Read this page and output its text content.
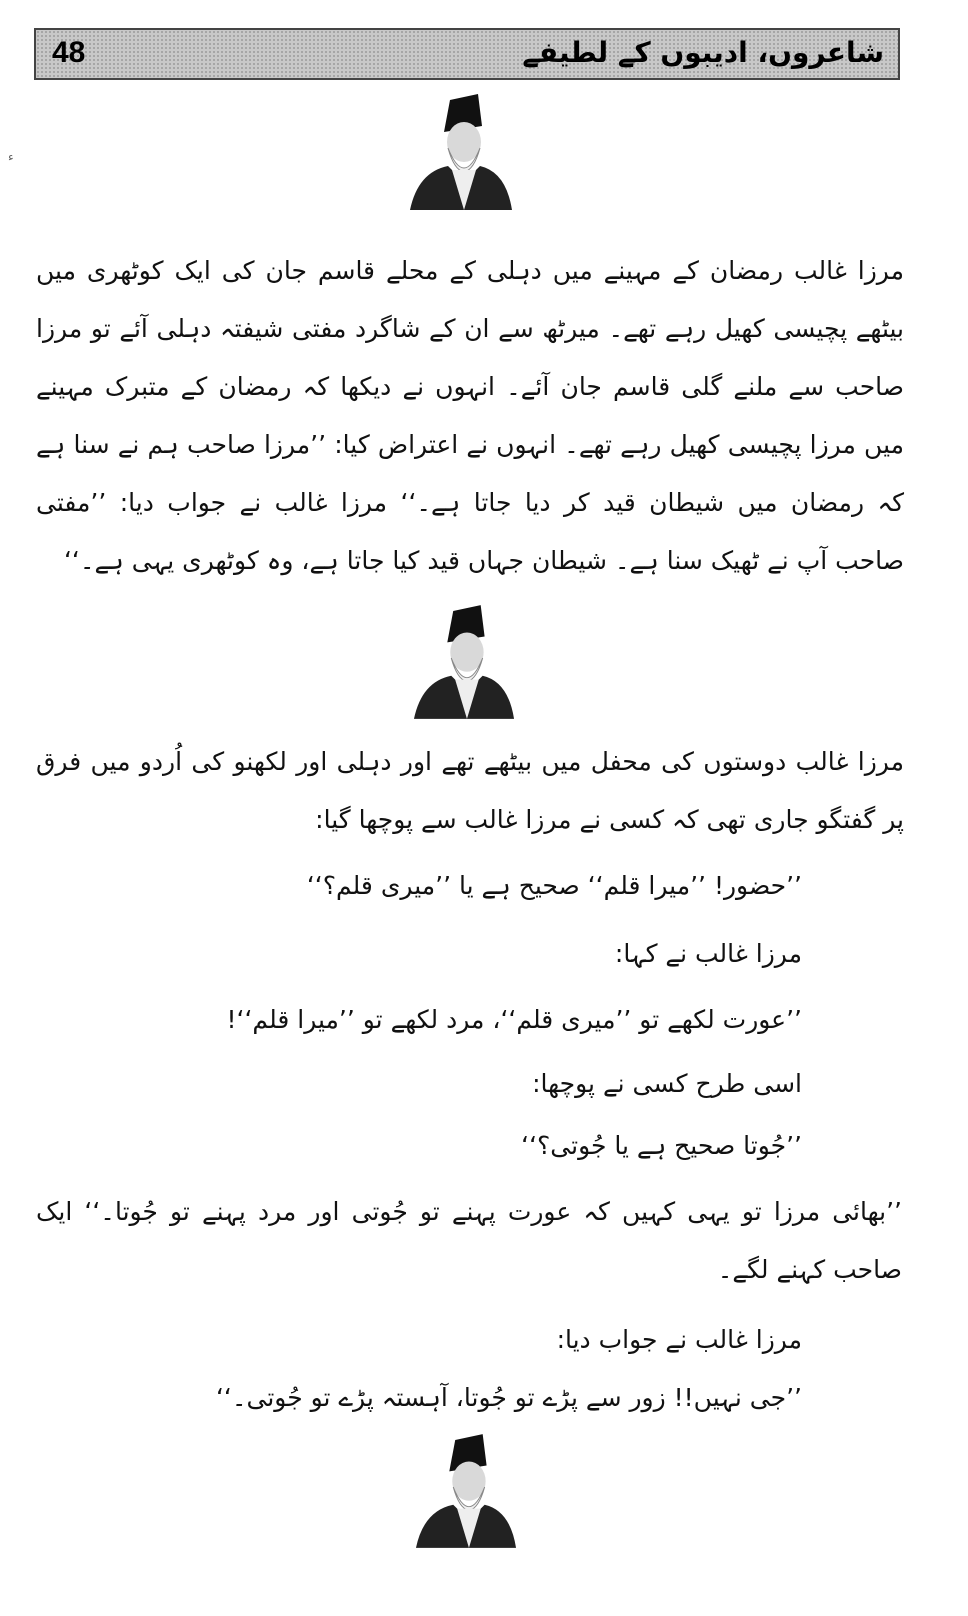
48	شاعروں، ادیبوں کے لطیفے
ء

مرزا غالب رمضان کے مہینے میں دہلی کے محلے قاسم جان کی ایک کوٹھری میں بیٹھے پچیسی کھیل رہے تھے۔ میرٹھ سے ان کے شاگرد مفتی شیفتہ دہلی آئے تو مرزا صاحب سے ملنے گلی قاسم جان آئے۔ انہوں نے دیکھا کہ رمضان کے متبرک مہینے میں مرزا پچیسی کھیل رہے تھے۔ انہوں نے اعتراض کیا: ’’مرزا صاحب ہم نے سنا ہے کہ رمضان میں شیطان قید کر دیا جاتا ہے۔‘‘ مرزا غالب نے جواب دیا: ’’مفتی صاحب آپ نے ٹھیک سنا ہے۔ شیطان جہاں قید کیا جاتا ہے، وہ کوٹھری یہی ہے۔‘‘

مرزا غالب دوستوں کی محفل میں بیٹھے تھے اور دہلی اور لکھنو کی اُردو میں فرق پر گفتگو جاری تھی کہ کسی نے مرزا غالب سے پوچھا گیا:

’’حضور! ’’میرا قلم‘‘ صحیح ہے یا ’’میری قلم؟‘‘

مرزا غالب نے کہا:

’’عورت لکھے تو ’’میری قلم‘‘، مرد لکھے تو ’’میرا قلم‘‘!

اسی طرح کسی نے پوچھا:

’’جُوتا صحیح ہے یا جُوتی؟‘‘

’’بھائی مرزا تو یہی کہیں کہ عورت پہنے تو جُوتی اور مرد پہنے تو جُوتا۔‘‘ ایک صاحب کہنے لگے۔

مرزا غالب نے جواب دیا:

’’جی نہیں!! زور سے پڑے تو جُوتا، آہستہ پڑے تو جُوتی۔‘‘
